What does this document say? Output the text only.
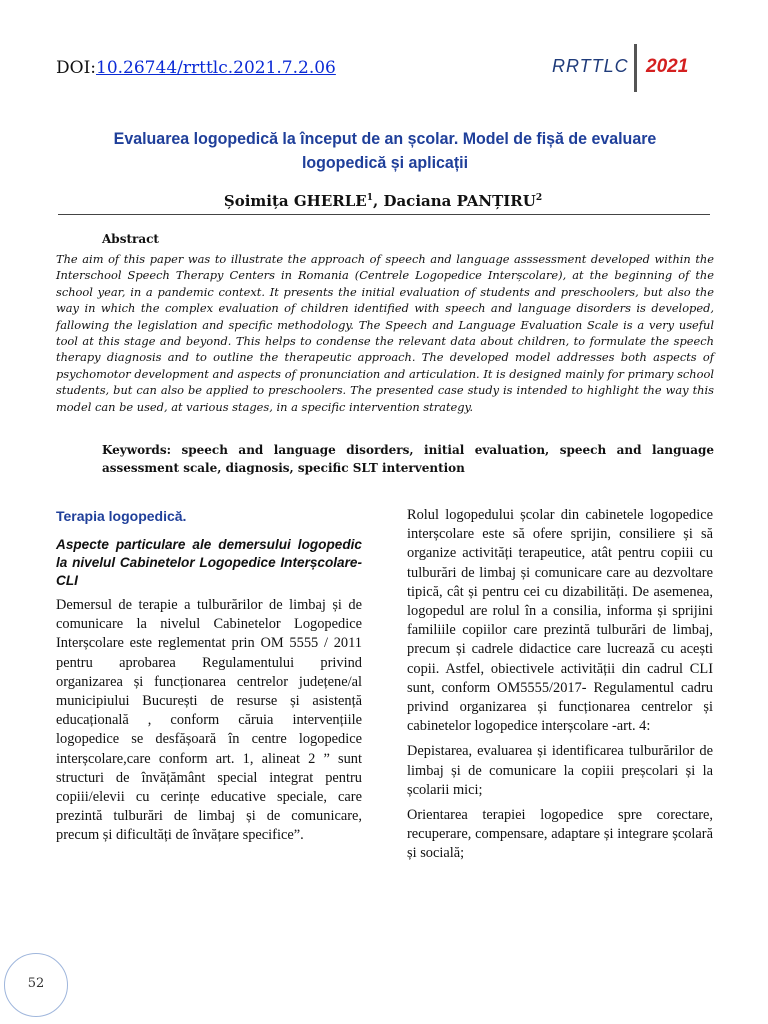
DOI:10.26744/rrttlc.2021.7.2.06	RRTTLC 2021
Evaluarea logopedică la început de an școlar. Model de fișă de evaluare logopedică și aplicații
Șoimița GHERLE$^1$, Daciana PANȚIRU$^2$
Abstract
The aim of this paper was to illustrate the approach of speech and language asssessment developed within the Interschool Speech Therapy Centers in Romania (Centrele Logopedice Interșcolare), at the beginning of the school year, in a pandemic context. It presents the initial evaluation of students and preschoolers, but also the way in which the complex evaluation of children identified with speech and language disorders is developed, fallowing the legislation and specific methodology. The Speech and Language Evaluation Scale is a very useful tool at this stage and beyond. This helps to condense the relevant data about children, to formulate the speech therapy diagnosis and to outline the therapeutic approach. The developed model addresses both aspects of psychomotor development and aspects of pronunciation and articulation. It is designed mainly for primary school students, but can also be applied to preschoolers. The presented case study is intended to highlight the way this model can be used, at various stages, in a specific intervention strategy.
Keywords: speech and language disorders, initial evaluation, speech and language assessment scale, diagnosis, specific SLT intervention

Terapia logopedică.

Aspecte particulare ale demersului logopedic la nivelul Cabinetelor Logopedice Interșcolare-CLI

Demersul de terapie a tulburărilor de limbaj și de comunicare la nivelul Cabinetelor Logopedice Interșcolare este reglementat prin OM 5555 / 2011 pentru aprobarea Regulamentului privind organizarea și funcționarea centrelor județene/al municipiului București de resurse și asistență educațională , conform căruia intervențiile logopedice se desfășoară în centre logopedice interșcolare,care conform art. 1, alineat 2 ” sunt structuri de învățământ special integrat pentru copiii/elevii cu cerințe educative speciale, care prezintă tulburări de limbaj și de comunicare, precum și dificultăți de învățare specifice”.

Rolul logopedului școlar din cabinetele logopedice interșcolare este să ofere sprijin, consiliere și să organize activități terapeutice, atât pentru copiii cu tulburări de limbaj și comunicare care au dezvoltare tipică, cât și pentru cei cu dizabilități. De asemenea, logopedul are rolul în a consilia, informa și sprijini familiile copiilor care prezintă tulburări de limbaj, precum și cadrele didactice care lucrează cu acești copii. Astfel, obiectivele activității din cadrul CLI sunt, conform OM5555/2017- Regulamentul cadru privind organizarea și funcționarea centrelor și cabinetelor logopedice interșcolare -art. 4:

Depistarea, evaluarea și identificarea tulburărilor de limbaj și de comunicare la copiii preșcolari și la școlarii mici;

Orientarea terapiei logopedice spre corectare, recuperare, compensare, adaptare și integrare școlară și socială;

52
